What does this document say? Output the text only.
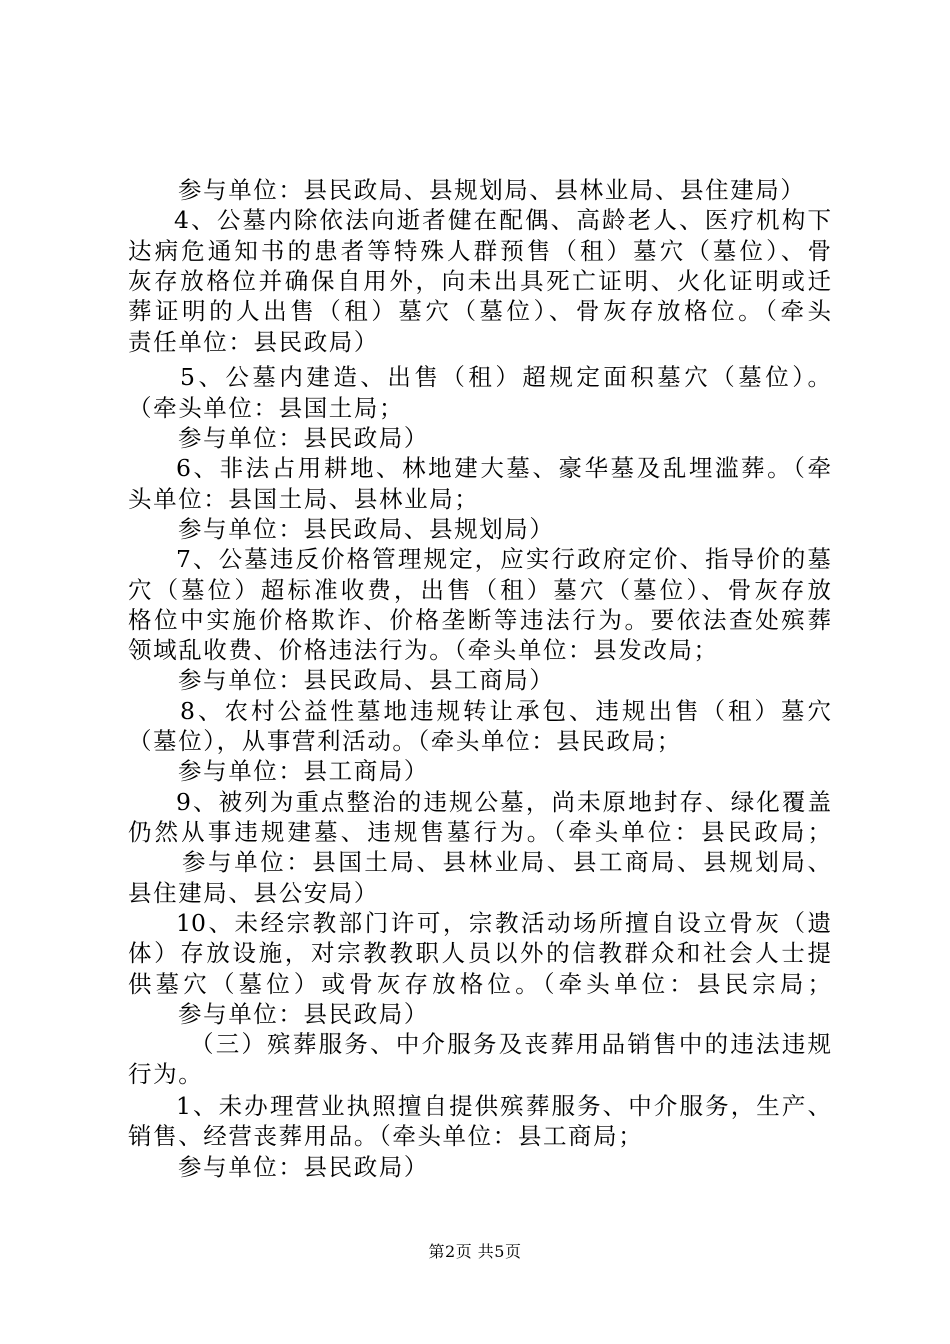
参与单位：县民政局、县规划局、县林业局、县住建局）
4、公墓内除依法向逝者健在配偶、高龄老人、医疗机构下
达病危通知书的患者等特殊人群预售（租）墓穴（墓位）、骨
灰存放格位并确保自用外，向未出具死亡证明、火化证明或迁
葬证明的人出售（租）墓穴（墓位）、骨灰存放格位。（牵头
责任单位：县民政局）
5、公墓内建造、出售（租）超规定面积墓穴（墓位）。
（牵头单位：县国土局；
参与单位：县民政局）
6、非法占用耕地、林地建大墓、豪华墓及乱埋滥葬。（牵
头单位：县国土局、县林业局；
参与单位：县民政局、县规划局）
7、公墓违反价格管理规定，应实行政府定价、指导价的墓
穴（墓位）超标准收费，出售（租）墓穴（墓位）、骨灰存放
格位中实施价格欺诈、价格垄断等违法行为。要依法查处殡葬
领域乱收费、价格违法行为。（牵头单位：县发改局；
参与单位：县民政局、县工商局）
8、农村公益性墓地违规转让承包、违规出售（租）墓穴
（墓位），从事营利活动。（牵头单位：县民政局；
参与单位：县工商局）
9、被列为重点整治的违规公墓，尚未原地封存、绿化覆盖
仍然从事违规建墓、违规售墓行为。（牵头单位：县民政局；
参与单位：县国土局、县林业局、县工商局、县规划局、
县住建局、县公安局）
10、未经宗教部门许可，宗教活动场所擅自设立骨灰（遗
体）存放设施，对宗教教职人员以外的信教群众和社会人士提
供墓穴（墓位）或骨灰存放格位。（牵头单位：县民宗局；
参与单位：县民政局）
（三）殡葬服务、中介服务及丧葬用品销售中的违法违规
行为。
1、未办理营业执照擅自提供殡葬服务、中介服务，生产、
销售、经营丧葬用品。（牵头单位：县工商局；
参与单位：县民政局）
第2页 共5页
